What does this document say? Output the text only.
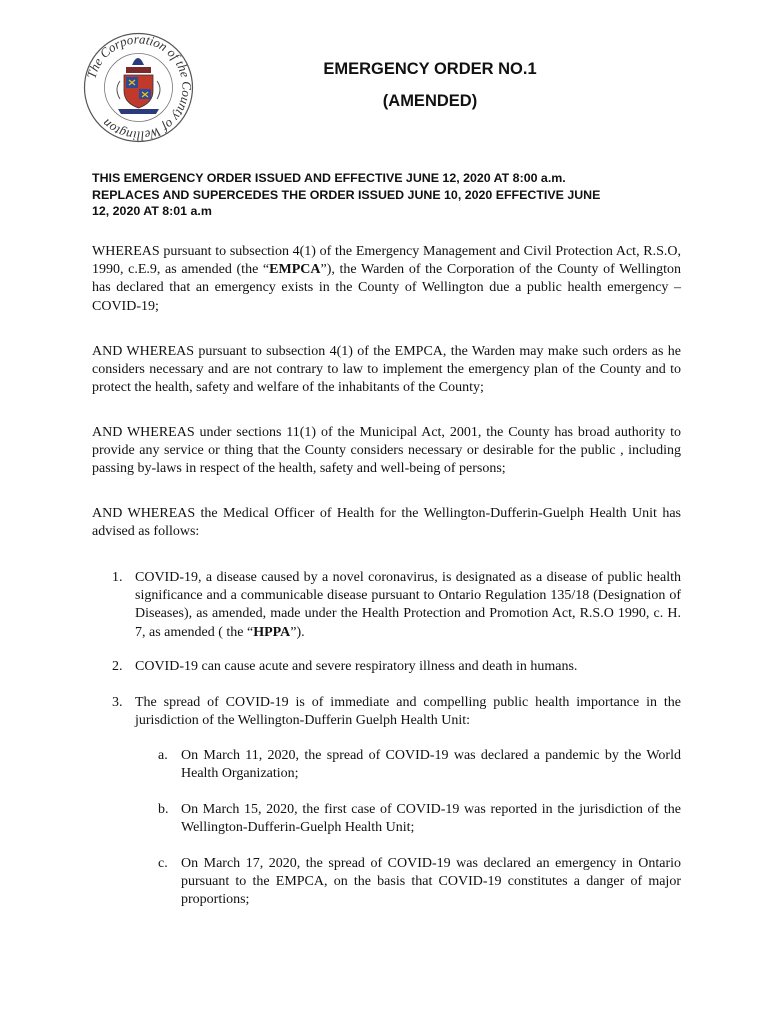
The Corporation of the County of Wellington
EMERGENCY ORDER NO.1
(AMENDED)
THIS EMERGENCY ORDER ISSUED AND EFFECTIVE JUNE 12, 2020 AT 8:00 a.m.
REPLACES AND SUPERCEDES THE ORDER ISSUED JUNE 10, 2020 EFFECTIVE JUNE
12, 2020 AT 8:01 a.m
WHEREAS pursuant to subsection 4(1) of the Emergency Management and Civil Protection Act, R.S.O, 1990, c.E.9, as amended (the “EMPCA”), the Warden of the Corporation of the County of Wellington has declared that an emergency exists in the County of Wellington due a public health emergency – COVID-19;
AND WHEREAS pursuant to subsection 4(1) of the EMPCA, the Warden may make such orders as he considers necessary and are not contrary to law to implement the emergency plan of the County and to protect the health, safety and welfare of the inhabitants of the County;
AND WHEREAS under sections 11(1) of the Municipal Act, 2001, the County has broad authority to provide any service or thing that the County considers necessary or desirable for the public , including passing by-laws in respect of the health, safety and well-being of persons;
AND WHEREAS the Medical Officer of Health for the Wellington-Dufferin-Guelph Health Unit has advised as follows:
1. COVID-19, a disease caused by a novel coronavirus, is designated as a disease of public health significance and a communicable disease pursuant to Ontario Regulation 135/18 (Designation of Diseases), as amended, made under the Health Protection and Promotion Act, R.S.O 1990, c. H. 7, as amended ( the “HPPA”).
2. COVID-19 can cause acute and severe respiratory illness and death in humans.
3. The spread of COVID-19 is of immediate and compelling public health importance in the jurisdiction of the Wellington-Dufferin Guelph Health Unit:
a. On March 11, 2020, the spread of COVID-19 was declared a pandemic by the World Health Organization;
b. On March 15, 2020, the first case of COVID-19 was reported in the jurisdiction of the Wellington-Dufferin-Guelph Health Unit;
c. On March 17, 2020, the spread of COVID-19 was declared an emergency in Ontario pursuant to the EMPCA, on the basis that COVID-19 constitutes a danger of major proportions;
